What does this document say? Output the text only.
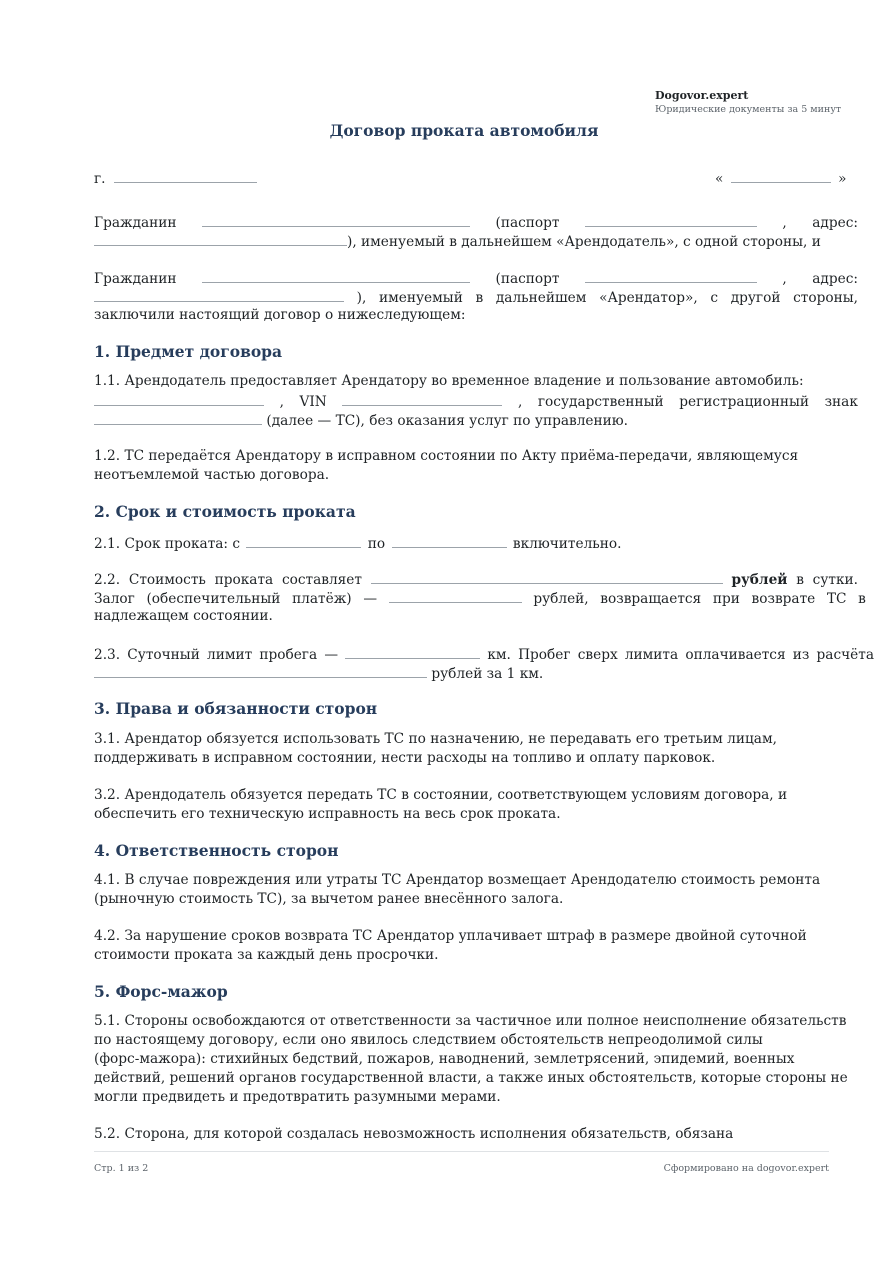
Dogovor.expert
Юридические документы за 5 минут
Договор проката автомобиля
г.	«	»
Гражданин	(паспорт	, адрес:
), именуемый в дальнейшем «Арендодатель», с одной стороны, и
Гражданин	(паспорт	, адрес:
), именуемый в дальнейшем «Арендатор», с другой стороны,
заключили настоящий договор о нижеследующем:
1. Предмет договора
1.1. Арендодатель предоставляет Арендатору во временное владение и пользование автомобиль:
, VIN	, государственный регистрационный знак
(далее — ТС), без оказания услуг по управлению.
1.2. ТС передаётся Арендатору в исправном состоянии по Акту приёма-передачи, являющемуся
неотъемлемой частью договора.
2. Срок и стоимость проката
2.1. Срок проката: с	по	включительно.
2.2. Стоимость проката составляет	рублей в сутки.
Залог (обеспечительный платёж) —	рублей, возвращается при возврате ТС в
надлежащем состоянии.
2.3. Суточный лимит пробега —	км. Пробег сверх лимита оплачивается из расчёта
рублей за 1 км.
3. Права и обязанности сторон
3.1. Арендатор обязуется использовать ТС по назначению, не передавать его третьим лицам,
поддерживать в исправном состоянии, нести расходы на топливо и оплату парковок.
3.2. Арендодатель обязуется передать ТС в состоянии, соответствующем условиям договора, и
обеспечить его техническую исправность на весь срок проката.
4. Ответственность сторон
4.1. В случае повреждения или утраты ТС Арендатор возмещает Арендодателю стоимость ремонта
(рыночную стоимость ТС), за вычетом ранее внесённого залога.
4.2. За нарушение сроков возврата ТС Арендатор уплачивает штраф в размере двойной суточной
стоимости проката за каждый день просрочки.
5. Форс-мажор
5.1. Стороны освобождаются от ответственности за частичное или полное неисполнение обязательств
по настоящему договору, если оно явилось следствием обстоятельств непреодолимой силы
(форс-мажора): стихийных бедствий, пожаров, наводнений, землетрясений, эпидемий, военных
действий, решений органов государственной власти, а также иных обстоятельств, которые стороны не
могли предвидеть и предотвратить разумными мерами.
5.2. Сторона, для которой создалась невозможность исполнения обязательств, обязана
Стр. 1 из 2	Сформировано на dogovor.expert
